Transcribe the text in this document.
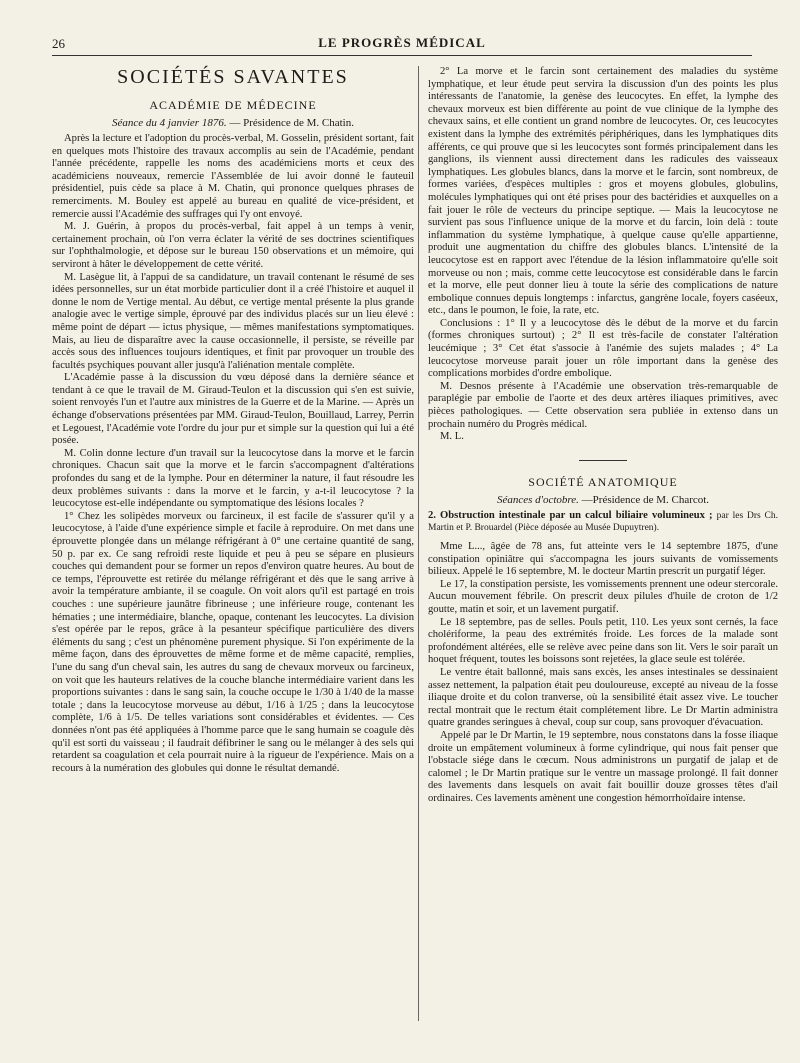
26	LE PROGRÈS MÉDICAL
SOCIÉTÉS SAVANTES
ACADÉMIE DE MÉDECINE
Séance du 4 janvier 1876. — Présidence de M. Chatin.

Après la lecture et l'adoption du procès-verbal, M. Gosselin, président sortant, fait en quelques mots l'histoire des travaux accomplis au sein de l'Académie, pendant l'année précédente, rappelle les noms des académiciens morts et ceux des académiciens nouveaux, remercie l'Assemblée de lui avoir donné le fauteuil présidentiel, puis cède sa place à M. Chatin, qui prononce quelques phrases de remerciments. M. Bouley est appelé au bureau en qualité de vice-président, et remercie aussi l'Académie des suffrages qui l'y ont envoyé.

M. J. Guérin, à propos du procès-verbal, fait appel à un temps à venir, certainement prochain, où l'on verra éclater la vérité de ses doctrines scientifiques sur l'ophthalmologie, et dépose sur le bureau 150 observations et un mémoire, qui serviront à hâter le développement de cette vérité.

M. Lasègue lit, à l'appui de sa candidature, un travail contenant le résumé de ses idées personnelles, sur un état morbide particulier dont il a créé l'histoire et auquel il donne le nom de Vertige mental. Au début, ce vertige mental présente la plus grande analogie avec le vertige simple, éprouvé par des individus placés sur un lieu élevé : même point de départ — ictus physique, — mêmes manifestations symptomatiques. Mais, au lieu de disparaître avec la cause occasionnelle, il persiste, se réveille par accès sous des influences toujours identiques, et finit par provoquer un trouble des facultés psychiques pouvant aller jusqu'à l'aliénation mentale complète.

L'Académie passe à la discussion du vœu déposé dans la dernière séance et tendant à ce que le travail de M. Giraud-Teulon et la discussion qui s'en est suivie, soient renvoyés l'un et l'autre aux ministres de la Guerre et de la Marine. — Après un échange d'observations présentées par MM. Giraud-Teulon, Bouillaud, Larrey, Perrin et Legouest, l'Académie vote l'ordre du jour pur et simple sur la question qui lui a été posée.

M. Colin donne lecture d'un travail sur la leucocytose dans la morve et le farcin chroniques. Chacun sait que la morve et le farcin s'accompagnent d'altérations profondes du sang et de la lymphe. Pour en déterminer la nature, il faut résoudre les deux problèmes suivants : dans la morve et le farcin, y a-t-il leucocytose ? la leucocytose est-elle indépendante ou symptomatique des lésions locales ?

1° Chez les solipèdes morveux ou farcineux, il est facile de s'assurer qu'il y a leucocytose, à l'aide d'une expérience simple et facile à reproduire. On met dans une éprouvette plongée dans un mélange réfrigérant à 0° une certaine quantité de sang, 50 p. par ex. Ce sang refroidi reste liquide et peu à peu se sépare en plusieurs couches qui demandent pour se former un repos d'environ quatre heures. Au bout de ce temps, l'éprouvette est retirée du mélange réfrigérant et dès que le sang arrive à avoir la température ambiante, il se coagule. On voit alors qu'il est partagé en trois couches : une supérieure jaunâtre fibrineuse ; une inférieure rouge, contenant les hématies ; une intermédiaire, blanche, opaque, contenant les leucocytes. La division s'est opérée par le repos, grâce à la pesanteur spécifique particulière des divers éléments du sang ; c'est un phénomène purement physique. Si l'on expérimente de la même façon, dans des éprouvettes de même forme et de même capacité, remplies, l'une du sang d'un cheval sain, les autres du sang de chevaux morveux ou farcineux, on voit que les hauteurs relatives de la couche blanche intermédiaire varient dans les proportions suivantes : dans le sang sain, la couche occupe le 1/30 à 1/40 de la masse totale ; dans la leucocytose morveuse au début, 1/16 à 1/25 ; dans la leucocytose complète, 1/6 à 1/5. De telles variations sont considérables et évidentes. — Ces données n'ont pas été appliquées à l'homme parce que le sang humain se coagule dès qu'il est sorti du vaisseau ; il faudrait défibriner le sang ou le mélanger à des sels qui retardent sa coagulation et cela pourrait nuire à la rigueur de l'expérience. Mais on a recours à la numération des globules qui donne le résultat demandé.

2° La morve et le farcin sont certainement des maladies du système lymphatique, et leur étude peut servira la discussion d'un des points les plus intéressants de l'anatomie, la genèse des leucocytes. En effet, la lymphe des chevaux morveux est bien différente au point de vue clinique de la lymphe des chevaux sains, et elle contient un grand nombre de leucocytes. Or, ces leucocytes existent dans la lymphe des extrémités périphériques, dans les lymphatiques dits afférents, ce qui prouve que si les leucocytes sont formés principalement dans les ganglions, ils viennent aussi directement dans les radicules des vaisseaux lymphatiques. Les globules blancs, dans la morve et le farcin, sont nombreux, de formes variées, d'espèces multiples : gros et moyens globules, globulins, molécules lymphatiques qui ont été prises pour des bactéridies et auxquelles on a fait jouer le rôle de vecteurs du principe septique. — Mais la leucocytose ne survient pas sous l'influence unique de la morve et du farcin, loin delà : toute inflammation du système lymphatique, à quelque cause qu'elle appartienne, produit une augmentation du chiffre des globules blancs. L'intensité de la leucocytose est en rapport avec l'étendue de la lésion inflammatoire qu'elle soit morveuse ou non ; mais, comme cette leucocytose est considérable dans le farcin et la morve, elle peut donner lieu à toute la série des complications de nature embolique connues depuis longtemps : infarctus, gangrène locale, foyers caséeux, etc., dans le poumon, le foie, la rate, etc.

Conclusions : 1° Il y a leucocytose dès le début de la morve et du farcin (formes chroniques surtout) ; 2° Il est très-facile de constater l'altération leucémique ; 3° Cet état s'associe à l'anémie des sujets malades ; 4° La leucocytose morveuse parait jouer un rôle important dans la genèse des complications morbides d'ordre embolique.

M. Desnos présente à l'Académie une observation très-remarquable de paraplégie par embolie de l'aorte et des deux artères iliaques primitives, avec pièces pathologiques. — Cette observation sera publiée in extenso dans un prochain numéro du Progrès médical.

M. L.

SOCIÉTÉ ANATOMIQUE
Séances d'octobre. —Présidence de M. Charcot.
2. Obstruction intestinale par un calcul biliaire volumineux ; par les Drs Ch. Martin et P. Brouardel (Pièce déposée au Musée Dupuytren).

Mme L..., âgée de 78 ans, fut atteinte vers le 14 septembre 1875, d'une constipation opiniâtre qui s'accompagna les jours suivants de vomissements bilieux. Appelé le 16 septembre, M. le docteur Martin prescrit un purgatif léger.

Le 17, la constipation persiste, les vomissements prennent une odeur stercorale. Aucun mouvement fébrile. On prescrit deux pilules d'huile de croton de 1/2 goutte, matin et soir, et un lavement purgatif.

Le 18 septembre, pas de selles. Pouls petit, 110. Les yeux sont cernés, la face cholériforme, la peau des extrémités froide. Les forces de la malade sont profondément altérées, elle se relève avec peine dans son lit. Vers le soir paraît un hoquet fréquent, toutes les boissons sont rejetées, la glace seule est tolérée.

Le ventre était ballonné, mais sans excès, les anses intestinales se dessinaient assez nettement, la palpation était peu douloureuse, excepté au niveau de la fosse iliaque droite et du colon tranverse, où la sensibilité était assez vive. Le toucher rectal montrait que le rectum était complétement libre. Le Dr Martin administra quatre grandes seringues à cheval, coup sur coup, sans provoquer d'évacuation.

Appelé par le Dr Martin, le 19 septembre, nous constatons dans la fosse iliaque droite un empâtement volumineux à forme cylindrique, qui nous fait penser que l'obstacle siége dans le cœcum. Nous administrons un purgatif de jalap et de calomel ; le Dr Martin pratique sur le ventre un massage prolongé. Il fait donner des lavements dans lesquels on avait fait bouillir douze grosses têtes d'ail ordinaires. Ces lavements amènent une congestion hémorrhoïdaire intense.
